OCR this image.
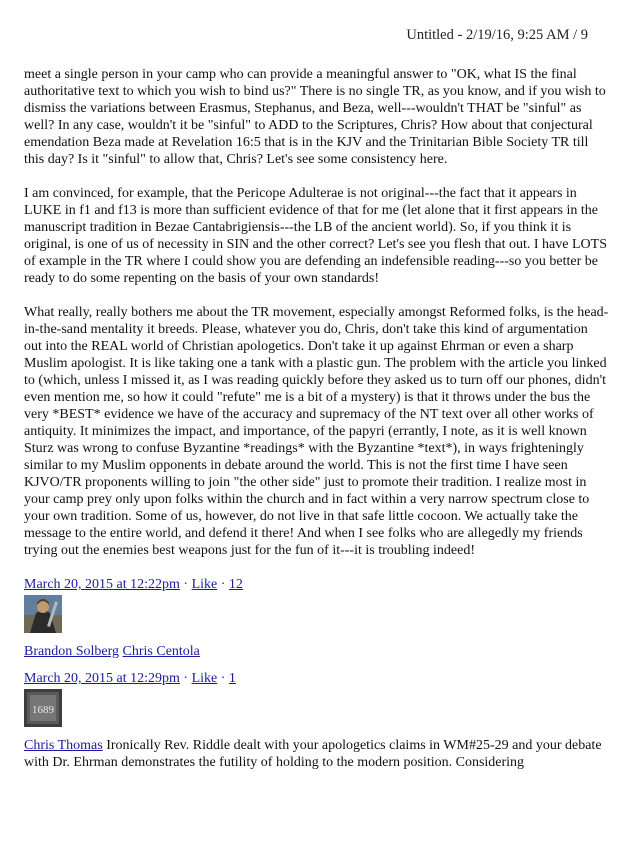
Untitled - 2/19/16, 9:25 AM / 9

meet a single person in your camp who can provide a meaningful answer to "OK, what IS the final authoritative text to which you wish to bind us?" There is no single TR, as you know, and if you wish to dismiss the variations between Erasmus, Stephanus, and Beza, well---wouldn't THAT be "sinful" as well? In any case, wouldn't it be "sinful" to ADD to the Scriptures, Chris? How about that conjectural emendation Beza made at Revelation 16:5 that is in the KJV and the Trinitarian Bible Society TR till this day? Is it "sinful" to allow that, Chris? Let's see some consistency here.

I am convinced, for example, that the Pericope Adulterae is not original---the fact that it appears in LUKE in f1 and f13 is more than sufficient evidence of that for me (let alone that it first appears in the manuscript tradition in Bezae Cantabrigiensis---the LB of the ancient world). So, if you think it is original, is one of us of necessity in SIN and the other correct? Let's see you flesh that out. I have LOTS of example in the TR where I could show you are defending an indefensible reading---so you better be ready to do some repenting on the basis of your own standards!

What really, really bothers me about the TR movement, especially amongst Reformed folks, is the head-in-the-sand mentality it breeds. Please, whatever you do, Chris, don't take this kind of argumentation out into the REAL world of Christian apologetics. Don't take it up against Ehrman or even a sharp Muslim apologist. It is like taking one a tank with a plastic gun. The problem with the article you linked to (which, unless I missed it, as I was reading quickly before they asked us to turn off our phones, didn't even mention me, so how it could "refute" me is a bit of a mystery) is that it throws under the bus the very *BEST* evidence we have of the accuracy and supremacy of the NT text over all other works of antiquity. It minimizes the impact, and importance, of the papyri (errantly, I note, as it is well known Sturz was wrong to confuse Byzantine *readings* with the Byzantine *text*), in ways frighteningly similar to my Muslim opponents in debate around the world. This is not the first time I have seen KJVO/TR proponents willing to join "the other side" just to promote their tradition. I realize most in your camp prey only upon folks within the church and in fact within a very narrow spectrum close to your own tradition. Some of us, however, do not live in that safe little cocoon. We actually take the message to the entire world, and defend it there! And when I see folks who are allegedly my friends trying out the enemies best weapons just for the fun of it---it is troubling indeed!

March 20, 2015 at 12:22pm · Like · 12
Brandon Solberg Chris Centola
March 20, 2015 at 12:29pm · Like · 1
1689

Chris Thomas Ironically Rev. Riddle dealt with your apologetics claims in WM#25-29 and your debate with Dr. Ehrman demonstrates the futility of holding to the modern position. Considering
